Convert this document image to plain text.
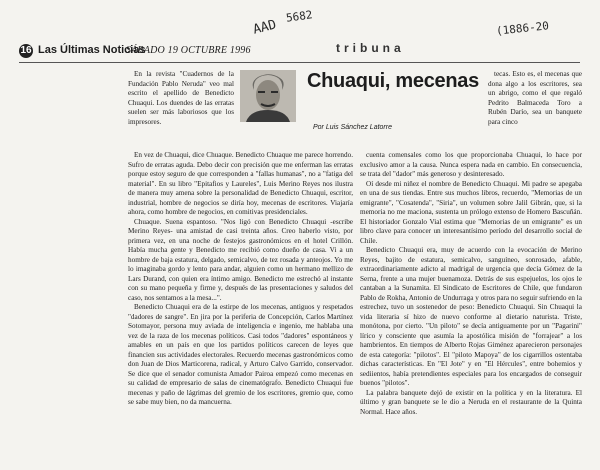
16 Las Últimas Noticias
SÁBADO 19 OCTUBRE 1996	tribuna
AAD
5682
(1886-20

En la revista "Cuadernos de la Fundación Pablo Neruda" veo mal escrito el apellido de Benedicto Chuaqui. Los duendes de las erratas suelen ser más laboriosos que los impresores.

Chuaqui, mecenas
Por Luis Sánchez Latorre

tecas. Esto es, el mecenas que dona algo a los escritores, sea un abrigo, como el que regaló Pedrito Balmaceda Toro a Rubén Darío, sea un banquete para cinco

En vez de Chuaqui, dice Chuaque. Benedicto Chuaque me parece horrendo. Sufro de erratas aguda. Debo decir con precisión que me enferman las erratas porque estoy seguro de que corresponden a "fallas humanas", no a "fatiga del material". En su libro "Epitafios y Laureles", Luis Merino Reyes nos ilustra de manera muy amena sobre la personalidad de Benedicto Chuaqui, escritor, industrial, hombre de negocios se diría hoy, mecenas de escritores. Viajaría ahora, como hombre de negocios, en comitivas presidenciales.

Chuaque. Suena espantoso. "Nos ligó con Benedicto Chuaqui -escribe Merino Reyes- una amistad de casi treinta años. Creo haberlo visto, por primera vez, en una noche de festejos gastronómicos en el hotel Crillón. Había mucha gente y Benedicto me recibió como dueño de casa. Vi a un hombre de baja estatura, delgado, semicalvo, de tez rosada y anteojos. Yo me lo imaginaba gordo y lento para andar, alguien como un hermano mellizo de Lars Durand, con quien era íntimo amigo. Benedicto me estrechó al instante con su mano pequeña y firme y, después de las presentaciones y saludos del caso, nos sentamos a la mesa...".

Benedicto Chuaqui era de la estirpe de los mecenas, antiguos y respetados "dadores de sangre". En jira por la periferia de Concepción, Carlos Martínez Sotomayor, persona muy aviada de inteligencia e ingenio, me hablaba una vez de la raza de los mecenas políticos. Casi todos "dadores" espontáneos y amables en un país en que los partidos políticos carecen de leyes que financien sus actividades electorales. Recuerdo mecenas gastronómicos como don Juan de Dios Marticorena, radical, y Arturo Calvo Garrido, conservador. Se dice que el senador comunista Amador Pairoa empezó como mecenas en su calidad de empresario de salas de cinematógrafo. Benedicto Chuaqui fue mecenas y paño de lágrimas del gremio de los escritores, gremio que, como se sabe muy bien, no da mancuerna.

cuenta comensales como los que proporcionaba Chuaqui, lo hace por exclusivo amor a la causa. Nunca espera nada en cambio. En consecuencia, se trata del "dador" más generoso y desinteresado.

Oí desde mi niñez el nombre de Benedicto Chuaqui. Mi padre se apegaba en una de sus tiendas. Entre sus muchos libros, recuerdo, "Memorias de un emigrante", "Cosatenda", "Siria", un volumen sobre Jalil Gibrán, que, si la memoria no me maciona, sustenta un prólogo extenso de Homero Bascuñán. El historiador Gonzalo Vial estima que "Memorias de un emigrante" es un libro clave para conocer un interesantísimo período del desarrollo social de Chile.

Benedicto Chuaqui era, muy de acuerdo con la evocación de Merino Reyes, bajito de estatura, semicalvo, sanguíneo, sonrosado, afable, extraordinariamente adicto al madrigal de urgencia que decía Gómez de la Serna, frente a una mujer buenamoza. Detrás de sus espejuelos, los ojos le cantaban a la Sunamita. El Sindicato de Escritores de Chile, que fundaron Pablo de Rokha, Antonio de Undurraga y otros para no seguir sufriendo en la estrechez, tuvo un sostenedor de peso: Benedicto Chuaqui. Sin Chuaqui la vida literaria sí hizo de nuevo conforme al dietario naturista. Triste, monótona, por cierto. "Un piloto" se decía antiguamente por un "Pagarini" lírico y consciente que asumía la apostólica misión de "forrajear" a los hambrientos. En tiempos de Alberto Rojas Giménez aparecieron personajes de esta categoría: "pilotos". El "piloto Mapoya" de los cigarrillos ostentaba dichas características. En "El Jote" y en "El Hércules", entre bohemios y sediientos, había pretendientes especiales para los encargados de conseguir buenos "pilotos".

La palabra banquete dejó de existir en la política y en la literatura. El último y gran banquete se le dio a Neruda en el restaurante de la Quinta Normal. Hace años.
